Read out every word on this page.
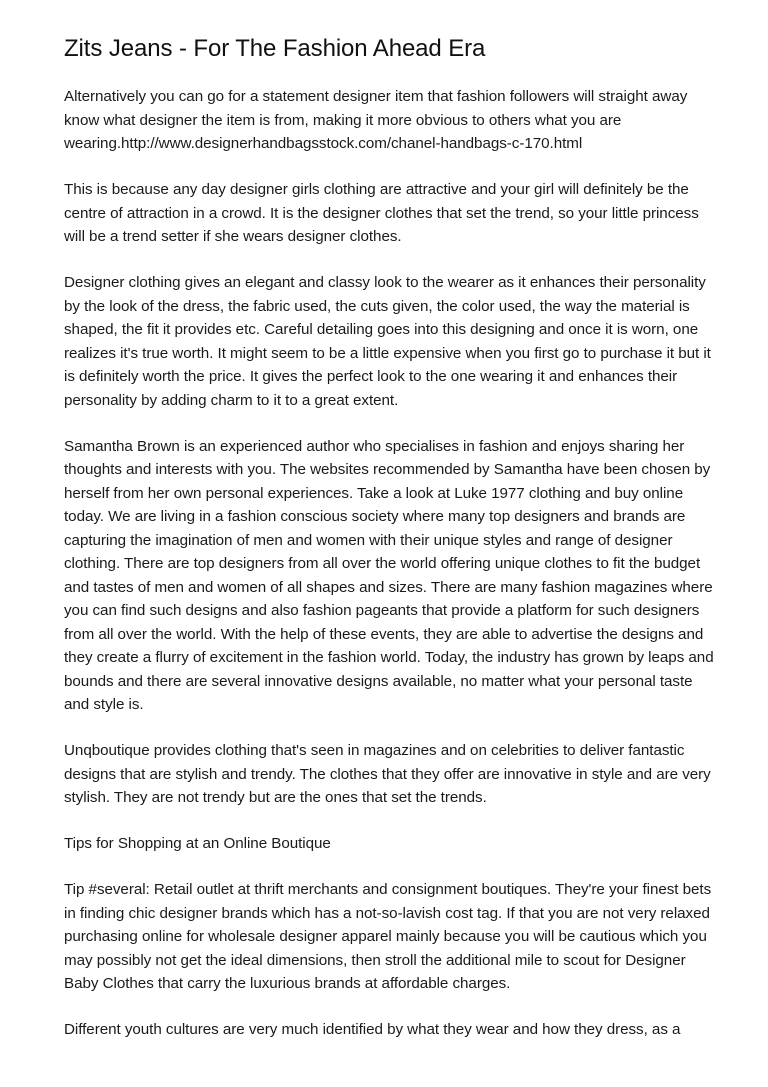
Zits Jeans - For The Fashion Ahead Era

Alternatively you can go for a statement designer item that fashion followers will straight away know what designer the item is from, making it more obvious to others what you are wearing.http://www.designerhandbagsstock.com/chanel-handbags-c-170.html

This is because any day designer girls clothing are attractive and your girl will definitely be the centre of attraction in a crowd. It is the designer clothes that set the trend, so your little princess will be a trend setter if she wears designer clothes.

Designer clothing gives an elegant and classy look to the wearer as it enhances their personality by the look of the dress, the fabric used, the cuts given, the color used, the way the material is shaped, the fit it provides etc. Careful detailing goes into this designing and once it is worn, one realizes it's true worth. It might seem to be a little expensive when you first go to purchase it but it is definitely worth the price. It gives the perfect look to the one wearing it and enhances their personality by adding charm to it to a great extent.

Samantha Brown is an experienced author who specialises in fashion and enjoys sharing her thoughts and interests with you. The websites recommended by Samantha have been chosen by herself from her own personal experiences. Take a look at Luke 1977 clothing and buy online today. We are living in a fashion conscious society where many top designers and brands are capturing the imagination of men and women with their unique styles and range of designer clothing. There are top designers from all over the world offering unique clothes to fit the budget and tastes of men and women of all shapes and sizes. There are many fashion magazines where you can find such designs and also fashion pageants that provide a platform for such designers from all over the world. With the help of these events, they are able to advertise the designs and they create a flurry of excitement in the fashion world. Today, the industry has grown by leaps and bounds and there are several innovative designs available, no matter what your personal taste and style is.

Unqboutique provides clothing that's seen in magazines and on celebrities to deliver fantastic designs that are stylish and trendy. The clothes that they offer are innovative in style and are very stylish. They are not trendy but are the ones that set the trends.

Tips for Shopping at an Online Boutique

Tip #several: Retail outlet at thrift merchants and consignment boutiques. They're your finest bets in finding chic designer brands which has a not-so-lavish cost tag. If that you are not very relaxed purchasing online for wholesale designer apparel mainly because you will be cautious which you may possibly not get the ideal dimensions, then stroll the additional mile to scout for Designer Baby Clothes that carry the luxurious brands at affordable charges.

Different youth cultures are very much identified by what they wear and how they dress, as a
